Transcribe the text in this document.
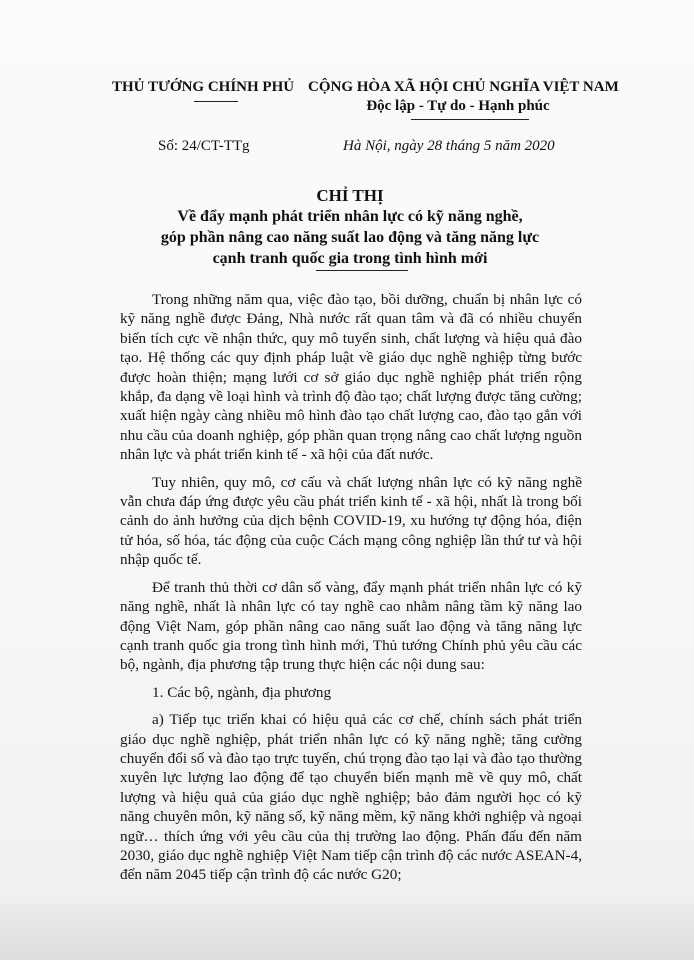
THỦ TƯỚNG CHÍNH PHỦ CỘNG HÒA XÃ HỘI CHỦ NGHĨA VIỆT NAM
Độc lập - Tự do - Hạnh phúc
Số: 24/CT-TTg	Hà Nội, ngày 28 tháng 5 năm 2020
CHỈ THỊ
Về đẩy mạnh phát triển nhân lực có kỹ năng nghề,
góp phần nâng cao năng suất lao động và tăng năng lực
cạnh tranh quốc gia trong tình hình mới

Trong những năm qua, việc đào tạo, bồi dưỡng, chuẩn bị nhân lực có kỹ năng nghề được Đảng, Nhà nước rất quan tâm và đã có nhiều chuyển biến tích cực về nhận thức, quy mô tuyển sinh, chất lượng và hiệu quả đào tạo. Hệ thống các quy định pháp luật về giáo dục nghề nghiệp từng bước được hoàn thiện; mạng lưới cơ sở giáo dục nghề nghiệp phát triển rộng khắp, đa dạng về loại hình và trình độ đào tạo; chất lượng được tăng cường; xuất hiện ngày càng nhiều mô hình đào tạo chất lượng cao, đào tạo gắn với nhu cầu của doanh nghiệp, góp phần quan trọng nâng cao chất lượng nguồn nhân lực và phát triển kinh tế - xã hội của đất nước.

Tuy nhiên, quy mô, cơ cấu và chất lượng nhân lực có kỹ năng nghề vẫn chưa đáp ứng được yêu cầu phát triển kinh tế - xã hội, nhất là trong bối cảnh do ảnh hưởng của dịch bệnh COVID-19, xu hướng tự động hóa, điện tử hóa, số hóa, tác động của cuộc Cách mạng công nghiệp lần thứ tư và hội nhập quốc tế.

Để tranh thủ thời cơ dân số vàng, đẩy mạnh phát triển nhân lực có kỹ năng nghề, nhất là nhân lực có tay nghề cao nhằm nâng tầm kỹ năng lao động Việt Nam, góp phần nâng cao năng suất lao động và tăng năng lực cạnh tranh quốc gia trong tình hình mới, Thủ tướng Chính phủ yêu cầu các bộ, ngành, địa phương tập trung thực hiện các nội dung sau:

1. Các bộ, ngành, địa phương

a) Tiếp tục triển khai có hiệu quả các cơ chế, chính sách phát triển giáo dục nghề nghiệp, phát triển nhân lực có kỹ năng nghề; tăng cường chuyển đổi số và đào tạo trực tuyến, chú trọng đào tạo lại và đào tạo thường xuyên lực lượng lao động để tạo chuyển biến mạnh mẽ về quy mô, chất lượng và hiệu quả của giáo dục nghề nghiệp; bảo đảm người học có kỹ năng chuyên môn, kỹ năng số, kỹ năng mềm, kỹ năng khởi nghiệp và ngoại ngữ… thích ứng với yêu cầu của thị trường lao động. Phấn đấu đến năm 2030, giáo dục nghề nghiệp Việt Nam tiếp cận trình độ các nước ASEAN-4, đến năm 2045 tiếp cận trình độ các nước G20;
